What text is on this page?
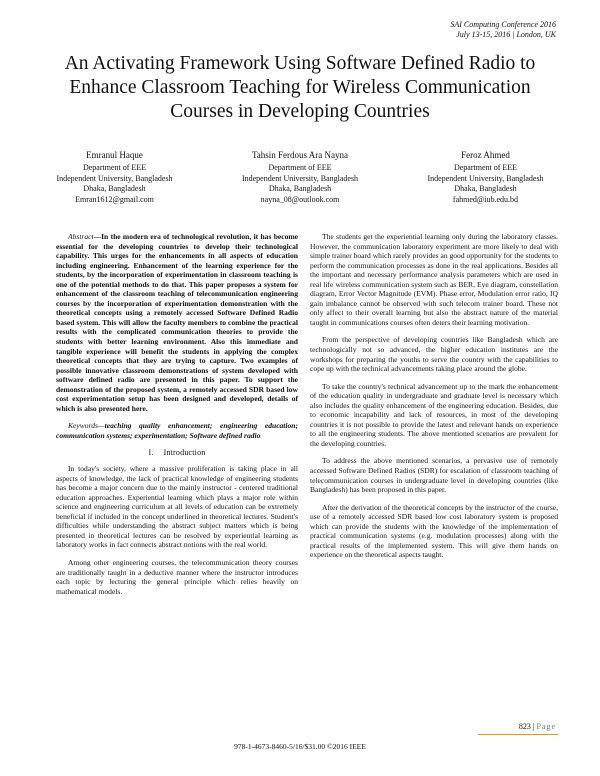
SAI Computing Conference 2016
July 13-15, 2016 | London, UK
An Activating Framework Using Software Defined Radio to Enhance Classroom Teaching for Wireless Communication Courses in Developing Countries
Emranul Haque
Department of EEE
Independent University, Bangladesh
Dhaka, Bangladesh
Emran1612@gmail.com
Tahsin Ferdous Ara Nayna
Department of EEE
Independent University, Bangladesh
Dhaka, Bangladesh
nayna_08@outlook.com
Feroz Ahmed
Department of EEE
Independent University, Bangladesh
Dhaka, Bangladesh
fahmed@iub.edu.bd
Abstract—In the modern era of technological revolution, it has become essential for the developing countries to develop their technological capability. This urges for the enhancements in all aspects of education including engineering. Enhancement of the learning experience for the students, by the incorporation of experimentation in classroom teaching is one of the potential methods to do that. This paper proposes a system for enhancement of the classroom teaching of telecommunication engineering courses by the incorporation of experimentation demonstration with the theoretical concepts using a remotely accessed Software Defined Radio based system. This will allow the faculty members to combine the practical results with the complicated communication theories to provide the students with better learning environment. Also this immediate and tangible experience will benefit the students in applying the complex theoretical concepts that they are trying to capture. Two examples of possible innovative classroom demonstrations of system developed with software defined radio are presented in this paper. To support the demonstration of the proposed system, a remotely accessed SDR based low cost experimentation setup has been designed and developed, details of which is also presented here.
Keywords—teaching quality enhancement; engineering education; communication systems; experimentation; Software defined radio
I. Introduction

In today's society, where a massive proliferation is taking place in all aspects of knowledge, the lack of practical knowledge of engineering students has become a major concern due to the mainly instructor - centered traditional education approaches. Experiential learning which plays a major role within science and engineering curriculum at all levels of education can be extremely beneficial if included in the concept underlined in theoretical lectures. Student's difficulties while understanding the abstract subject matters which is being presented in theoretical lectures can be resolved by experiential learning as laboratory works in fact connects abstract notions with the real world.

Among other engineering courses, the telecommunication theory courses are traditionally taught in a deductive manner where the instructor introduces each topic by lecturing the general principle which relies heavily on mathematical models.

The students get the experiential learning only during the laboratory classes. However, the communication laboratory experiment are more likely to deal with simple trainer board which rarely provides an good opportunity for the students to perform the communication processes as done in the real applications. Besides all the important and necessary performance analysis parameters which are used in real life wireless communication system such as BER, Eye diagram, constellation diagram, Error Vector Magnitude (EVM). Phase error, Modulation error ratio, IQ gain imbalance cannot be observed with such telecom trainer board. These not only affect to their overall learning but also the abstract nature of the material taught in communications courses often deters their learning motivation.

From the perspective of developing countries like Bangladesh which are technologically not so advanced, the higher education institutes are the workshops for preparing the youths to serve the country with the capabilities to cope up with the technical advancements taking place around the globe.

To take the country's technical advancement up to the mark the enhancement of the education quality in undergraduate and graduate level is necessary which also includes the quality enhancement of the engineering education. Besides, due to economic incapability and lack of resources, in most of the developing countries it is not possible to provide the latest and relevant hands on experience to all the engineering students. The above mentioned scenarios are prevalent for the developing countries.

To address the above mentioned scenarios, a pervasive use of remotely accessed Software Defined Radios (SDR) for escalation of classroom teaching of telecommunication courses in undergraduate level in developing countries (like Bangladesh) has been proposed in this paper.

After the derivation of the theoretical concepts by the instructor of the course, use of a remotely accessed SDR based low cost laboratory system is proposed which can provide the students with the knowledge of the implementation of practical communication systems (e.g. modulation processes) along with the practical results of the implemented system. This will give them hands on experience on the theoretical aspects taught.

823 | Page
978-1-4673-8460-5/16/$31.00 ©2016 IEEE
